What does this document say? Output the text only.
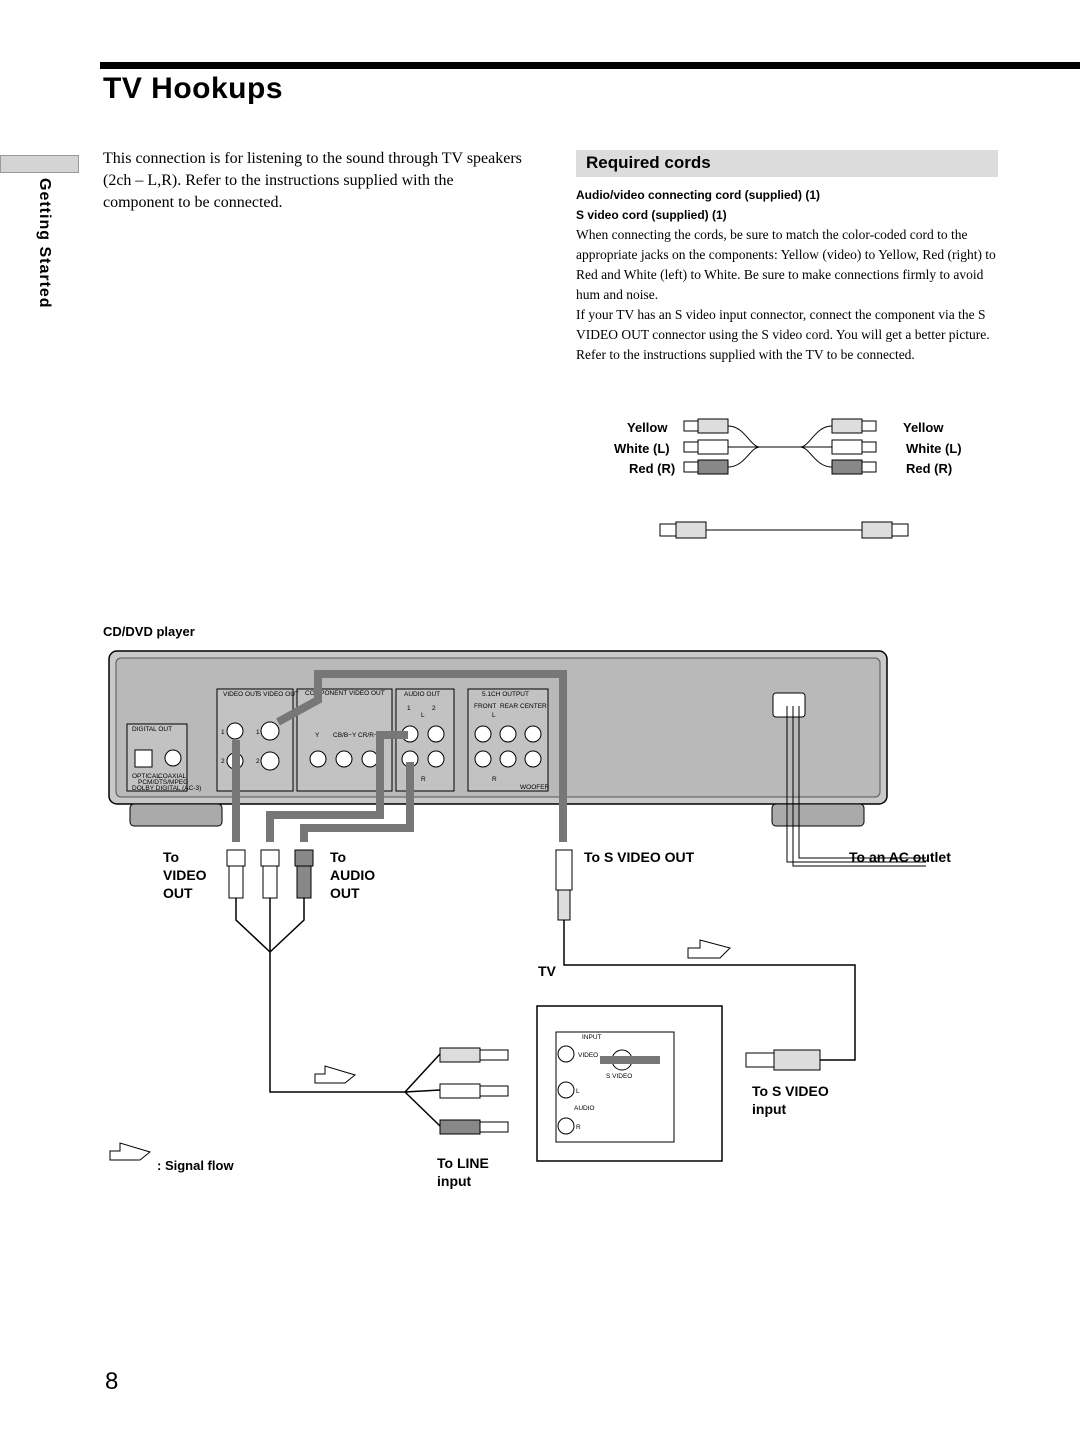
TV Hookups
Getting Started
This connection is for listening to the sound through TV speakers (2ch – L,R). Refer to the instructions supplied with the component to be connected.
Required cords
Audio/video connecting cord (supplied) (1)
S video cord (supplied) (1)

When connecting the cords, be sure to match the color-coded cord to the appropriate jacks on the components: Yellow (video) to Yellow, Red (right) to Red and White (left) to White. Be sure to make connections firmly to avoid hum and noise.

If your TV has an S video input connector, connect the component via the S VIDEO OUT connector using the S video cord. You will get a better picture.

Refer to the instructions supplied with the TV to be connected.

Yellow
White (L)
Red (R)
Yellow
White (L)
Red (R)
VIDEO OUT
S VIDEO OUT COMPONENT VIDEO OUT	AUDIO OUT	5.1CH OUTPUT
FRONT REAR CENTER
WOOFER
DIGITAL OUT
OPTICAL
COAXIAL
PCM/DTS/MPEG
DOLBY DIGITAL (AC-3)
Y CB/B−Y CR/R−Y
1
2
1
2
1	2
L
R
L
R
INPUT
VIDEO
S VIDEO
L
AUDIO
R
CD/DVD player
To
VIDEO
OUT
To
AUDIO
OUT
To S VIDEO OUT	To an AC outlet
TV
To S VIDEO
input
To LINE
input
: Signal flow
8
